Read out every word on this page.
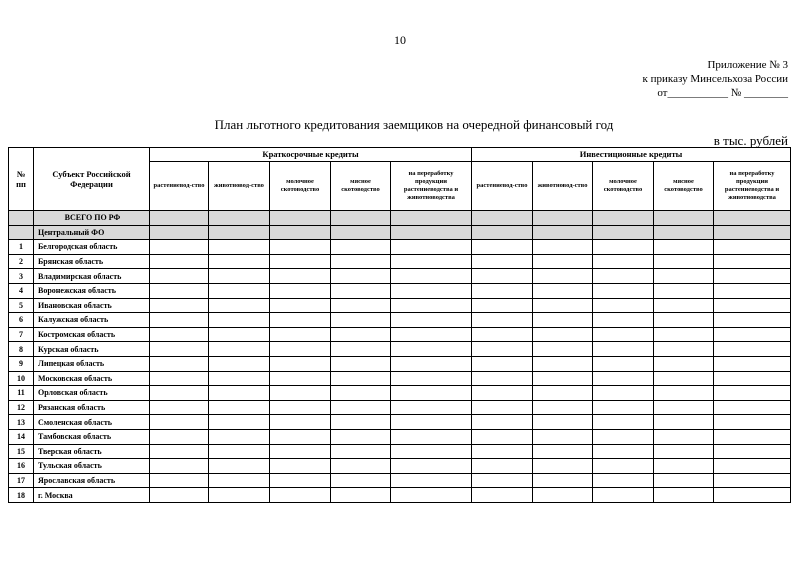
10
Приложение № 3
к приказу Минсельхоза России
от___________ № ________
План льготного кредитования заемщиков на очередной финансовый год
в тыс. рублей
№ пп	Субъект Российской Федерации	Краткосрочные кредиты					Инвестиционные кредиты				
		растениевод-ство	животновод-ство	молочное скотоводство	мясное скотоводство	на переработку продукции растениеводства и животноводства	растениевод-ство	животновод-ство	молочное скотоводство	мясное скотоводство	на переработку продукции растениеводства и животноводства
	ВСЕГО ПО РФ										
	Центральный ФО										
1	Белгородская область										
2	Брянская область										
3	Владимирская область										
4	Воронежская область										
5	Ивановская область										
6	Калужская область										
7	Костромская область										
8	Курская область										
9	Липецкая область										
10	Московская область										
11	Орловская область										
12	Рязанская область										
13	Смоленская область										
14	Тамбовская область										
15	Тверская область										
16	Тульская область										
17	Ярославская область										
18	г. Москва										
